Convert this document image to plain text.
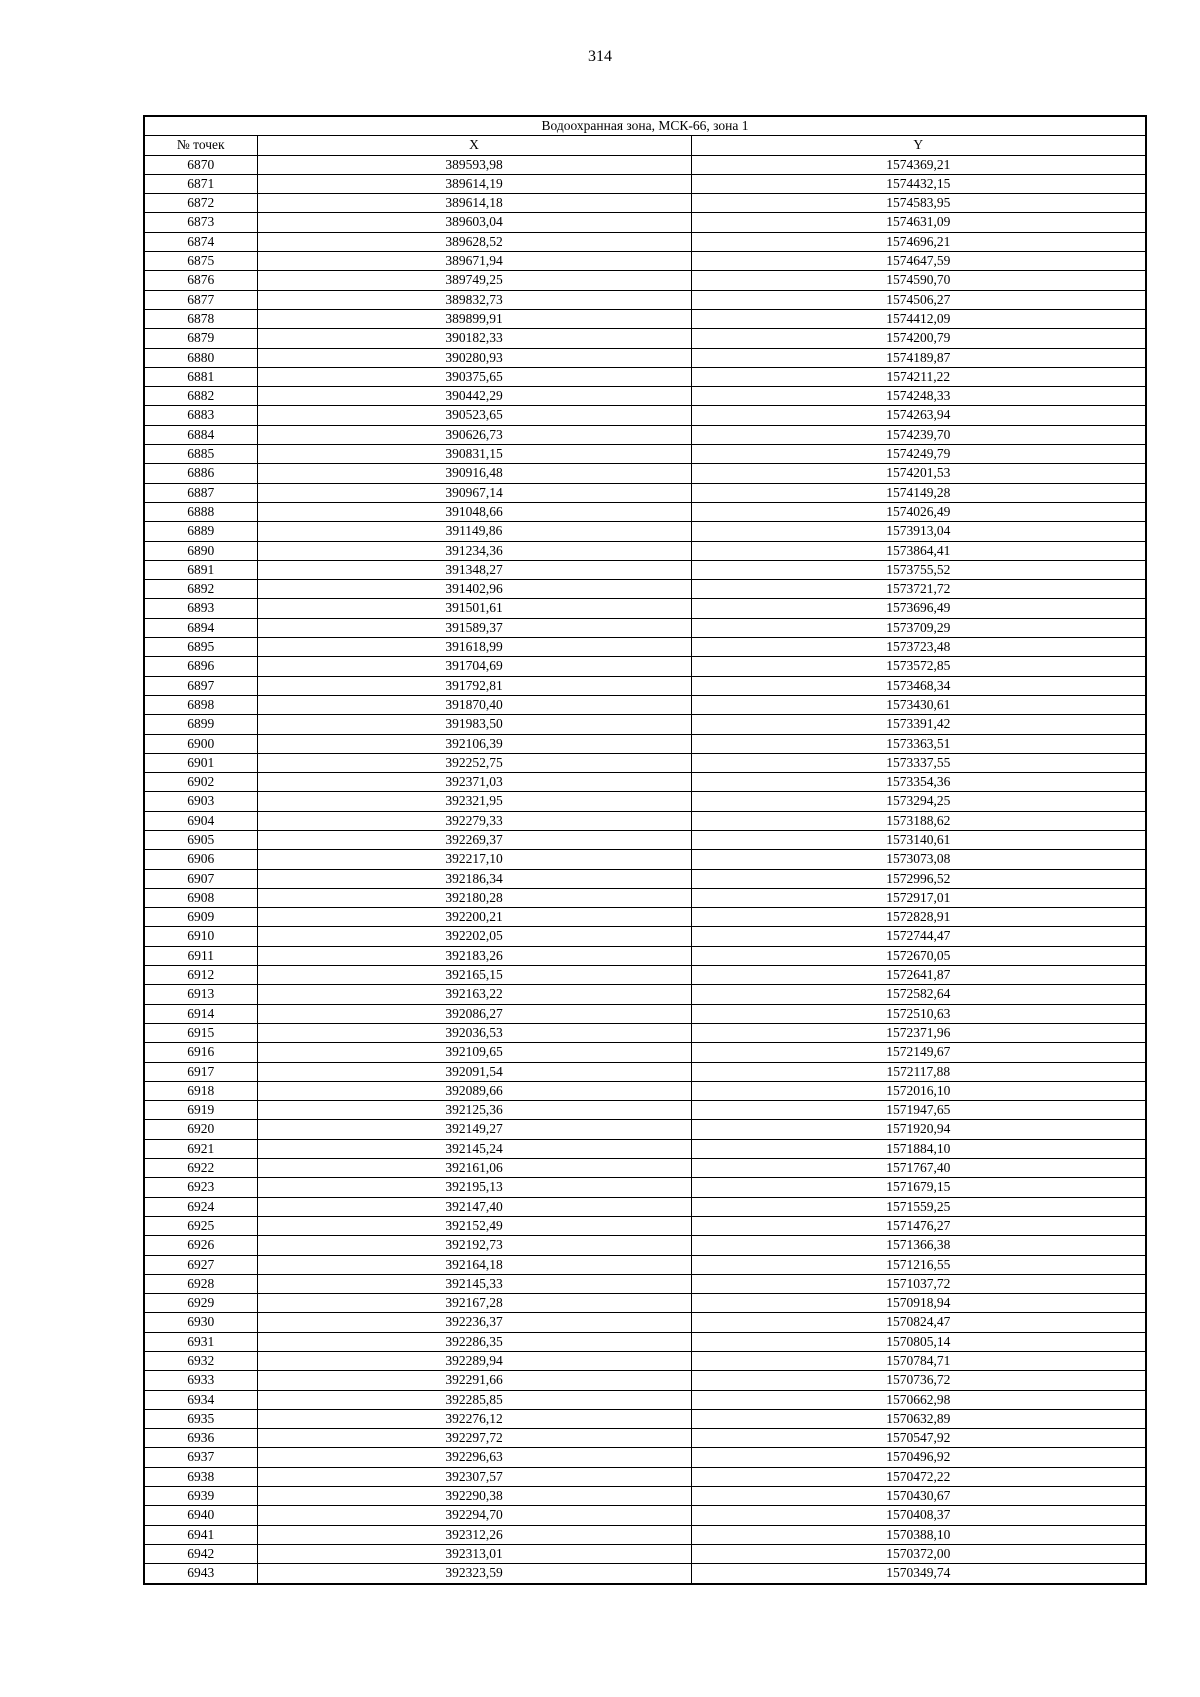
314
Водоохранная зона, МСК-66, зона 1		
№ точек	X	Y
6870	389593,98	1574369,21
6871	389614,19	1574432,15
6872	389614,18	1574583,95
6873	389603,04	1574631,09
6874	389628,52	1574696,21
6875	389671,94	1574647,59
6876	389749,25	1574590,70
6877	389832,73	1574506,27
6878	389899,91	1574412,09
6879	390182,33	1574200,79
6880	390280,93	1574189,87
6881	390375,65	1574211,22
6882	390442,29	1574248,33
6883	390523,65	1574263,94
6884	390626,73	1574239,70
6885	390831,15	1574249,79
6886	390916,48	1574201,53
6887	390967,14	1574149,28
6888	391048,66	1574026,49
6889	391149,86	1573913,04
6890	391234,36	1573864,41
6891	391348,27	1573755,52
6892	391402,96	1573721,72
6893	391501,61	1573696,49
6894	391589,37	1573709,29
6895	391618,99	1573723,48
6896	391704,69	1573572,85
6897	391792,81	1573468,34
6898	391870,40	1573430,61
6899	391983,50	1573391,42
6900	392106,39	1573363,51
6901	392252,75	1573337,55
6902	392371,03	1573354,36
6903	392321,95	1573294,25
6904	392279,33	1573188,62
6905	392269,37	1573140,61
6906	392217,10	1573073,08
6907	392186,34	1572996,52
6908	392180,28	1572917,01
6909	392200,21	1572828,91
6910	392202,05	1572744,47
6911	392183,26	1572670,05
6912	392165,15	1572641,87
6913	392163,22	1572582,64
6914	392086,27	1572510,63
6915	392036,53	1572371,96
6916	392109,65	1572149,67
6917	392091,54	1572117,88
6918	392089,66	1572016,10
6919	392125,36	1571947,65
6920	392149,27	1571920,94
6921	392145,24	1571884,10
6922	392161,06	1571767,40
6923	392195,13	1571679,15
6924	392147,40	1571559,25
6925	392152,49	1571476,27
6926	392192,73	1571366,38
6927	392164,18	1571216,55
6928	392145,33	1571037,72
6929	392167,28	1570918,94
6930	392236,37	1570824,47
6931	392286,35	1570805,14
6932	392289,94	1570784,71
6933	392291,66	1570736,72
6934	392285,85	1570662,98
6935	392276,12	1570632,89
6936	392297,72	1570547,92
6937	392296,63	1570496,92
6938	392307,57	1570472,22
6939	392290,38	1570430,67
6940	392294,70	1570408,37
6941	392312,26	1570388,10
6942	392313,01	1570372,00
6943	392323,59	1570349,74
